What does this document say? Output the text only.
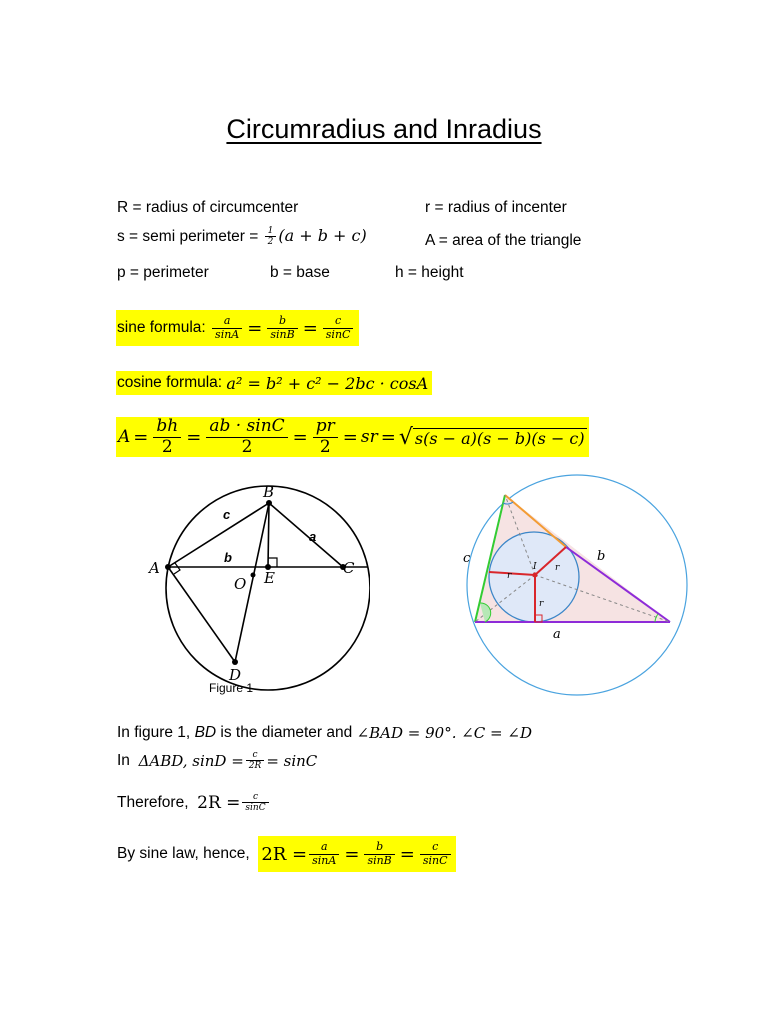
Circumradius and Inradius
R = radius of circumcenter	r = radius of incenter
s = semi perimeter = $\frac{1}{2} (a + b + c)$	A = area of the triangle
p = perimeter	b = base	h = height
sine formula:
$\frac{a}{\sin A} = \frac{b}{\sin B} = \frac{c}{\sin C}$
cosine formula:
a² = b² + c² − 2bc · cosA
$A = \frac{bh}{2} = \frac{ab \cdot \sin C}{2} = \frac{pr}{2}$ = sr = √ s(s − a)(s − b)(s − c)
B
A	C
O E
D
c
a
b
Figure 1
c	b
a
I
r
r
r
In figure 1,
BD
is the diameter and
∠BAD = 90°. ∠C = ∠D
In
ΔABD, $\sin D = \frac{c}{2R} = \sin C$
Therefore,
$2R = \frac{c}{\sin C}$
By sine law, hence,
$2R = \frac{a}{\sin A} = \frac{b}{\sin B} = \frac{c}{\sin C}$
